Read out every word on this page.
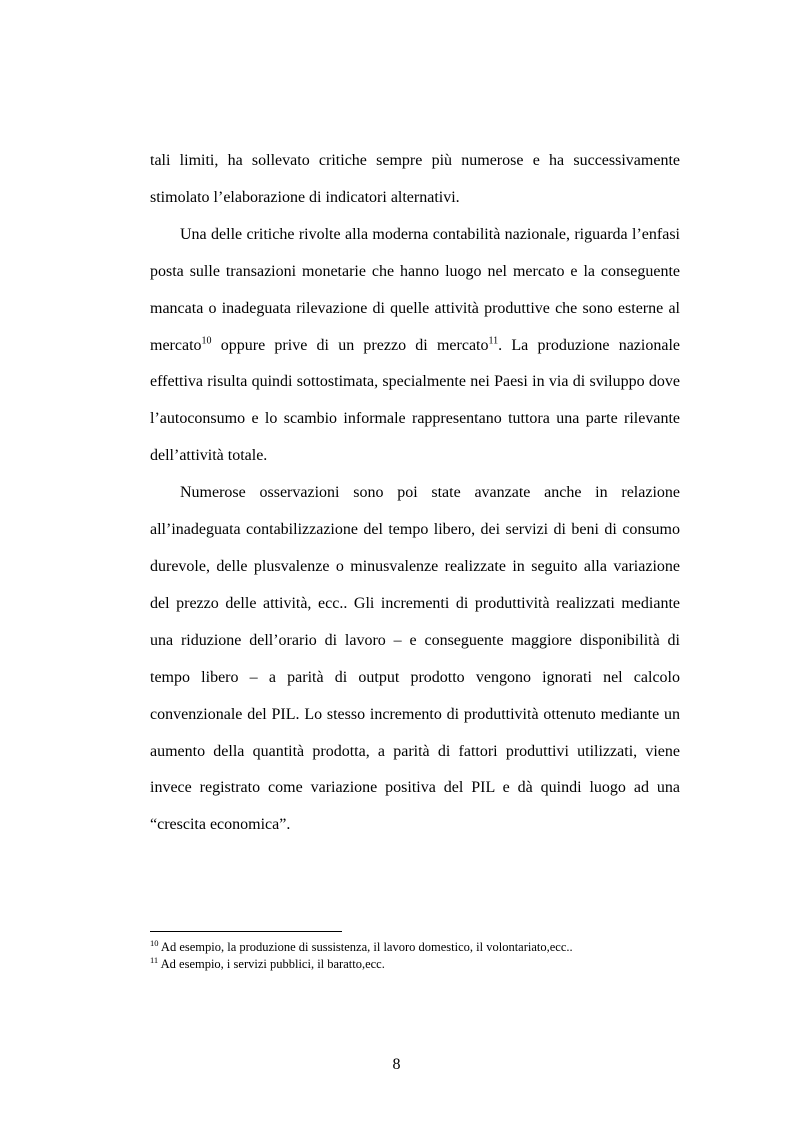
tali limiti, ha sollevato critiche sempre più numerose e ha successivamente stimolato l’elaborazione di indicatori alternativi.

Una delle critiche rivolte alla moderna contabilità nazionale, riguarda l’enfasi posta sulle transazioni monetarie che hanno luogo nel mercato e la conseguente mancata o inadeguata rilevazione di quelle attività produttive che sono esterne al mercato$^{10}$ oppure prive di un prezzo di mercato$^{11}$. La produzione nazionale effettiva risulta quindi sottostimata, specialmente nei Paesi in via di sviluppo dove l’autoconsumo e lo scambio informale rappresentano tuttora una parte rilevante dell’attività totale.

Numerose osservazioni sono poi state avanzate anche in relazione all’inadeguata contabilizzazione del tempo libero, dei servizi di beni di consumo durevole, delle plusvalenze o minusvalenze realizzate in seguito alla variazione del prezzo delle attività, ecc.. Gli incrementi di produttività realizzati mediante una riduzione dell’orario di lavoro – e conseguente maggiore disponibilità di tempo libero – a parità di output prodotto vengono ignorati nel calcolo convenzionale del PIL. Lo stesso incremento di produttività ottenuto mediante un aumento della quantità prodotta, a parità di fattori produttivi utilizzati, viene invece registrato come variazione positiva del PIL e dà quindi luogo ad una “crescita economica”.

$^{10}$ Ad esempio, la produzione di sussistenza, il lavoro domestico, il volontariato,ecc..
$^{11}$ Ad esempio, i servizi pubblici, il baratto,ecc.
8
